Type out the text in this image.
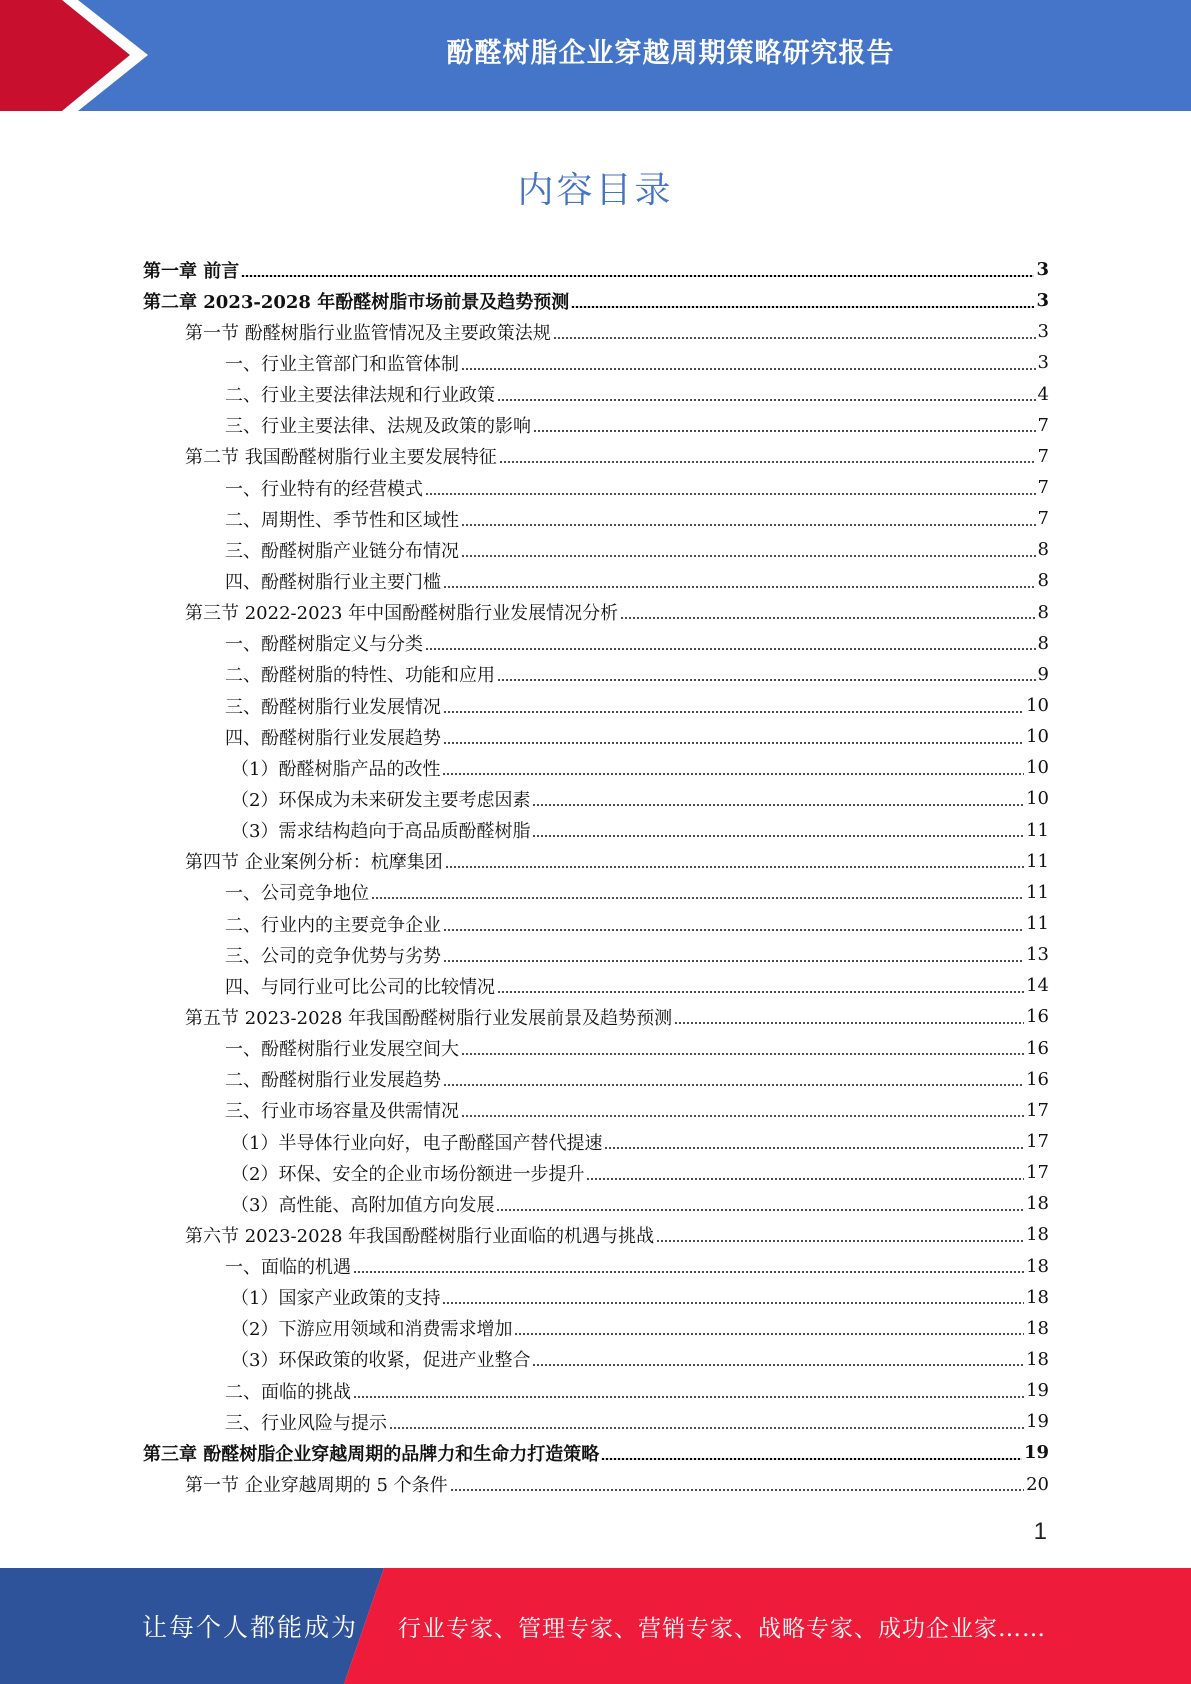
酚醛树脂企业穿越周期策略研究报告
内容目录
第一章 前言	3
第二章 2023-2028 年酚醛树脂市场前景及趋势预测	3
第一节 酚醛树脂行业监管情况及主要政策法规	3
一、行业主管部门和监管体制	3
二、行业主要法律法规和行业政策	4
三、行业主要法律、法规及政策的影响	7
第二节 我国酚醛树脂行业主要发展特征	7
一、行业特有的经营模式	7
二、周期性、季节性和区域性	7
三、酚醛树脂产业链分布情况	8
四、酚醛树脂行业主要门槛	8
第三节 2022-2023 年中国酚醛树脂行业发展情况分析	8
一、酚醛树脂定义与分类	8
二、酚醛树脂的特性、功能和应用	9
三、酚醛树脂行业发展情况	10
四、酚醛树脂行业发展趋势	10
（1）酚醛树脂产品的改性	10
（2）环保成为未来研发主要考虑因素	10
（3）需求结构趋向于高品质酚醛树脂	11
第四节 企业案例分析：杭摩集团	11
一、公司竞争地位	11
二、行业内的主要竞争企业	11
三、公司的竞争优势与劣势	13
四、与同行业可比公司的比较情况	14
第五节 2023-2028 年我国酚醛树脂行业发展前景及趋势预测	16
一、酚醛树脂行业发展空间大	16
二、酚醛树脂行业发展趋势	16
三、行业市场容量及供需情况	17
（1）半导体行业向好，电子酚醛国产替代提速	17
（2）环保、安全的企业市场份额进一步提升	17
（3）高性能、高附加值方向发展	18
第六节 2023-2028 年我国酚醛树脂行业面临的机遇与挑战	18
一、面临的机遇	18
（1）国家产业政策的支持	18
（2）下游应用领域和消费需求增加	18
（3）环保政策的收紧，促进产业整合	18
二、面临的挑战	19
三、行业风险与提示	19
第三章 酚醛树脂企业穿越周期的品牌力和生命力打造策略	19
第一节 企业穿越周期的 5 个条件	20
1
让每个人都能成为 行业专家、管理专家、营销专家、战略专家、成功企业家……
